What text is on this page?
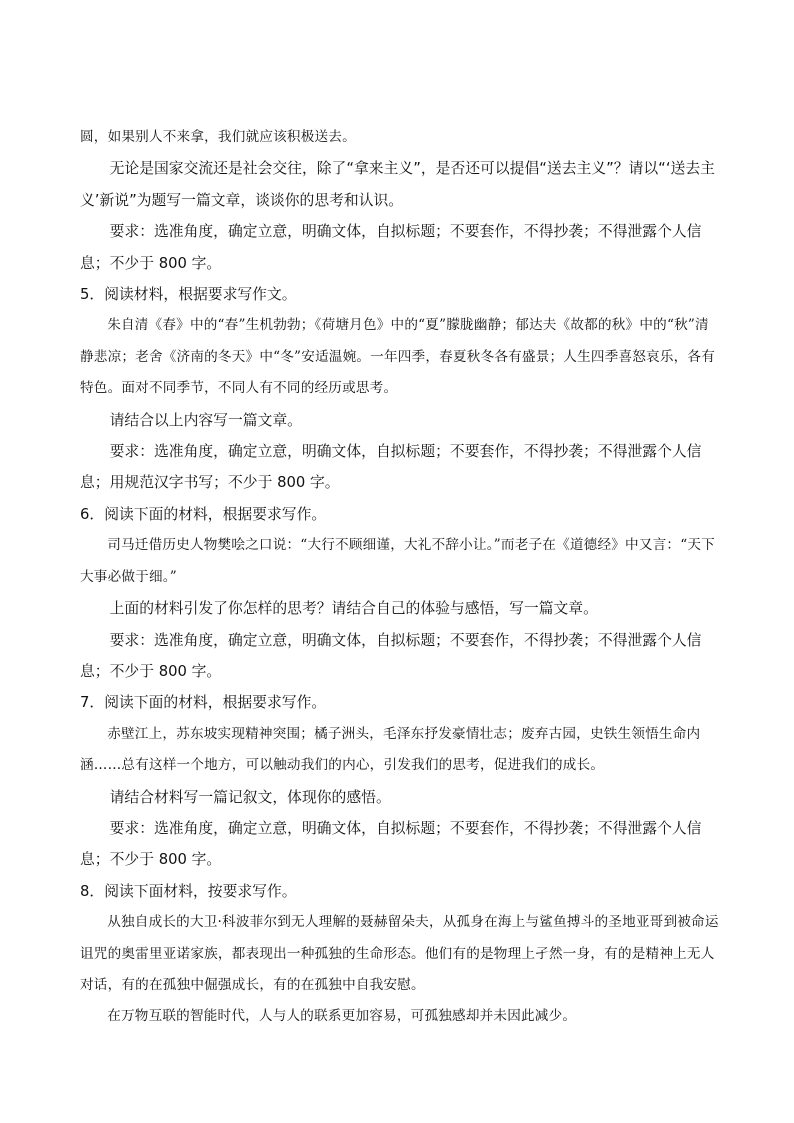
圆，如果别人不来拿，我们就应该积极送去。

无论是国家交流还是社会交往，除了“拿来主义”，是否还可以提倡“送去主义”？请以“‘送去主义’新说”为题写一篇文章，谈谈你的思考和认识。

要求：选准角度，确定立意，明确文体，自拟标题；不要套作，不得抄袭；不得泄露个人信息；不少于 800 字。

5．阅读材料，根据要求写作文。

朱自清《春》中的“春”生机勃勃；《荷塘月色》中的“夏”朦胧幽静；郁达夫《故都的秋》中的“秋”清静悲凉；老舍《济南的冬天》中“冬”安适温婉。一年四季，春夏秋冬各有盛景；人生四季喜怒哀乐，各有特色。面对不同季节，不同人有不同的经历或思考。

请结合以上内容写一篇文章。

要求：选准角度，确定立意，明确文体，自拟标题；不要套作，不得抄袭；不得泄露个人信息；用规范汉字书写；不少于 800 字。

6．阅读下面的材料，根据要求写作。

司马迁借历史人物樊哙之口说：“大行不顾细谨，大礼不辞小让。”而老子在《道德经》中又言：“天下大事必做于细。”

上面的材料引发了你怎样的思考？请结合自己的体验与感悟，写一篇文章。

要求：选准角度，确定立意，明确文体，自拟标题；不要套作，不得抄袭；不得泄露个人信息；不少于 800 字。

7．阅读下面的材料，根据要求写作。

赤壁江上，苏东坡实现精神突围；橘子洲头，毛泽东抒发豪情壮志；废弃古园，史铁生领悟生命内涵……总有这样一个地方，可以触动我们的内心，引发我们的思考，促进我们的成长。

请结合材料写一篇记叙文，体现你的感悟。

要求：选准角度，确定立意，明确文体，自拟标题；不要套作，不得抄袭；不得泄露个人信息；不少于 800 字。

8．阅读下面材料，按要求写作。

从独自成长的大卫·科波菲尔到无人理解的聂赫留朵夫，从孤身在海上与鲨鱼搏斗的圣地亚哥到被命运诅咒的奥雷里亚诺家族，都表现出一种孤独的生命形态。他们有的是物理上孑然一身，有的是精神上无人对话，有的在孤独中倔强成长，有的在孤独中自我安慰。

在万物互联的智能时代，人与人的联系更加容易，可孤独感却并未因此减少。
